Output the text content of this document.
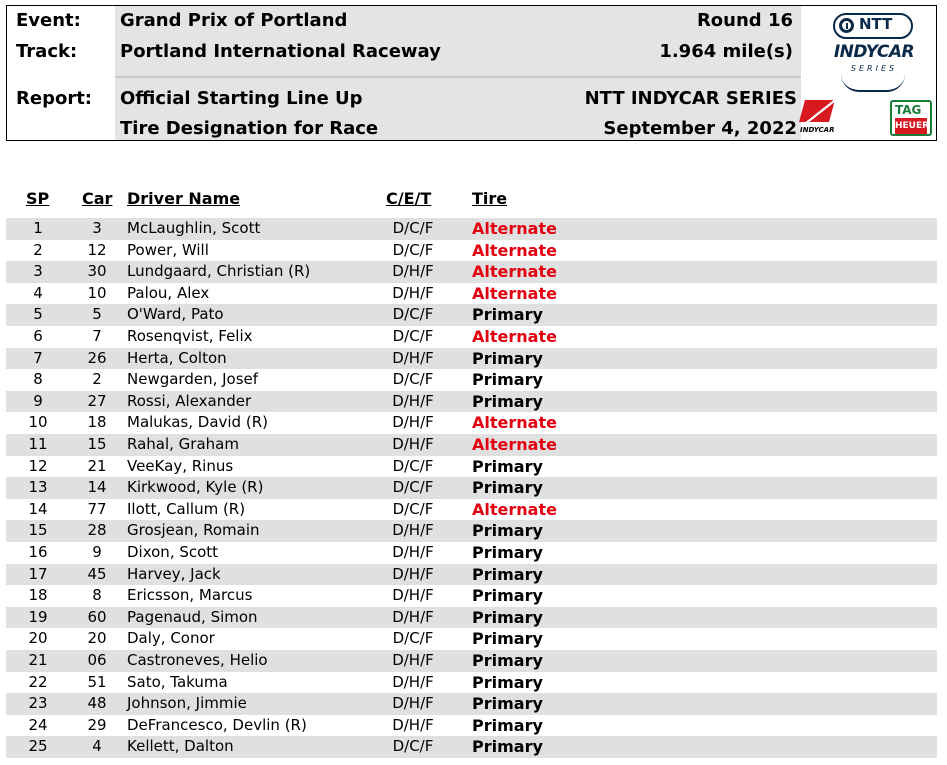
Event: Grand Prix of Portland	Round 16
Track: Portland International Raceway	1.964 mile(s)
Report: Official Starting Line Up	NTT INDYCAR SERIES
Tire Designation for Race	September 4, 2022
NTT
INDYCAR
SERIES
INDYCAR
TAG
HEUER
SP Car Driver Name	C/E/T	Tire
1	3	McLaughlin, Scott	D/C/F	Alternate
2	12 Power, Will	D/C/F	Alternate
3	30 Lundgaard, Christian (R)	D/H/F	Alternate
4	10 Palou, Alex	D/H/F	Alternate
5	5	O'Ward, Pato	D/C/F	Primary
6	7	Rosenqvist, Felix	D/C/F	Alternate
7	26 Herta, Colton	D/H/F	Primary
8	2	Newgarden, Josef	D/C/F	Primary
9	27 Rossi, Alexander	D/H/F	Primary
10	18 Malukas, David (R)	D/H/F	Alternate
11	15 Rahal, Graham	D/H/F	Alternate
12	21 VeeKay, Rinus	D/C/F	Primary
13	14 Kirkwood, Kyle (R)	D/C/F	Primary
14	77 Ilott, Callum (R)	D/C/F	Alternate
15	28 Grosjean, Romain	D/H/F	Primary
16	9	Dixon, Scott	D/H/F	Primary
17	45 Harvey, Jack	D/H/F	Primary
18	8	Ericsson, Marcus	D/H/F	Primary
19	60 Pagenaud, Simon	D/H/F	Primary
20	20 Daly, Conor	D/C/F	Primary
21	06 Castroneves, Helio	D/H/F	Primary
22	51 Sato, Takuma	D/H/F	Primary
23	48 Johnson, Jimmie	D/H/F	Primary
24	29 DeFrancesco, Devlin (R)	D/H/F	Primary
25	4	Kellett, Dalton	D/C/F	Primary
